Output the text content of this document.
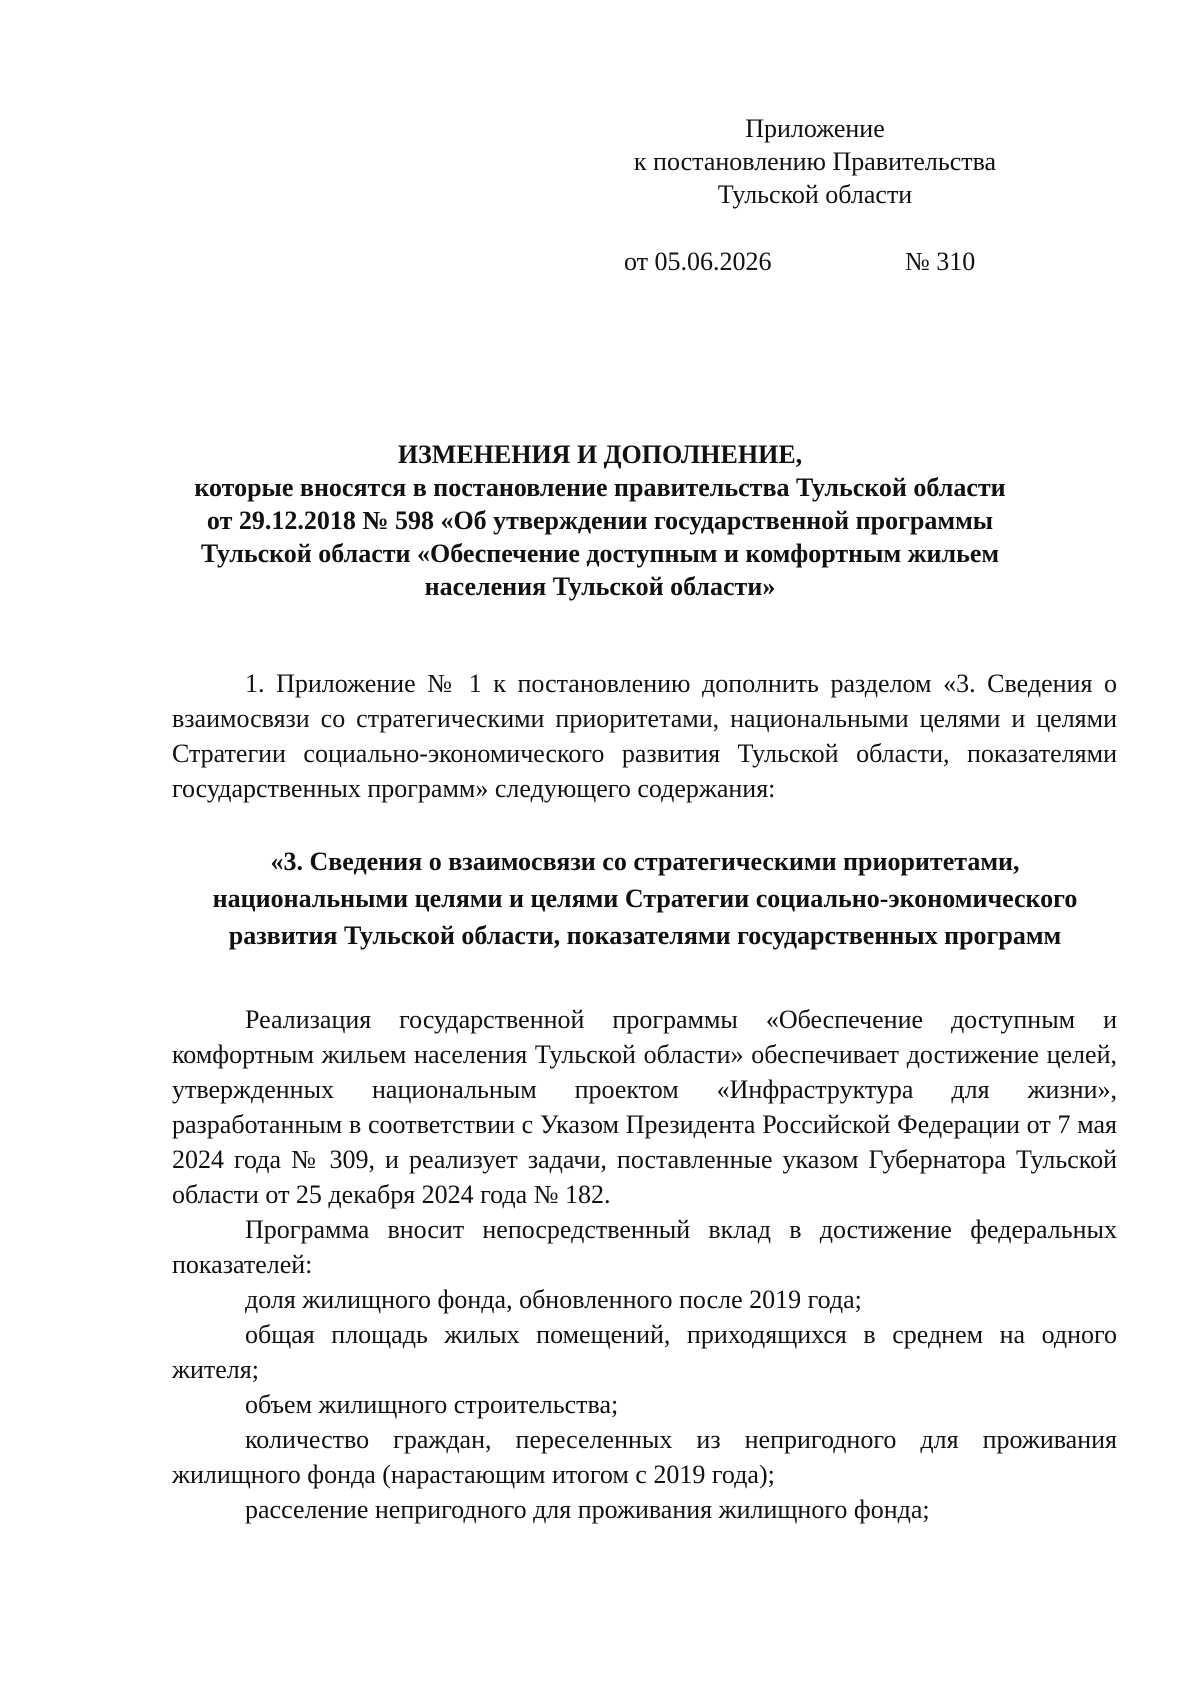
Приложение
к постановлению Правительства
Тульской области
от 05.06.2026	№ 310
ИЗМЕНЕНИЯ И ДОПОЛНЕНИЕ,
которые вносятся в постановление правительства Тульской области
от 29.12.2018 № 598 «Об утверждении государственной программы
Тульской области «Обеспечение доступным и комфортным жильем
населения Тульской области»

1. Приложение № 1 к постановлению дополнить разделом «3. Сведения о взаимосвязи со стратегическими приоритетами, национальными целями и целями Стратегии социально-экономического развития Тульской области, показателями государственных программ» следующего содержания:

«3. Сведения о взаимосвязи со стратегическими приоритетами,
национальными целями и целями Стратегии социально-экономического
развития Тульской области, показателями государственных программ

Реализация государственной программы «Обеспечение доступным и комфортным жильем населения Тульской области» обеспечивает достижение целей, утвержденных национальным проектом «Инфраструктура для жизни», разработанным в соответствии с Указом Президента Российской Федерации от 7 мая 2024 года № 309, и реализует задачи, поставленные указом Губернатора Тульской области от 25 декабря 2024 года № 182.

Программа вносит непосредственный вклад в достижение федеральных показателей:

доля жилищного фонда, обновленного после 2019 года;

общая площадь жилых помещений, приходящихся в среднем на одного жителя;

объем жилищного строительства;

количество граждан, переселенных из непригодного для проживания жилищного фонда (нарастающим итогом с 2019 года);

расселение непригодного для проживания жилищного фонда;
